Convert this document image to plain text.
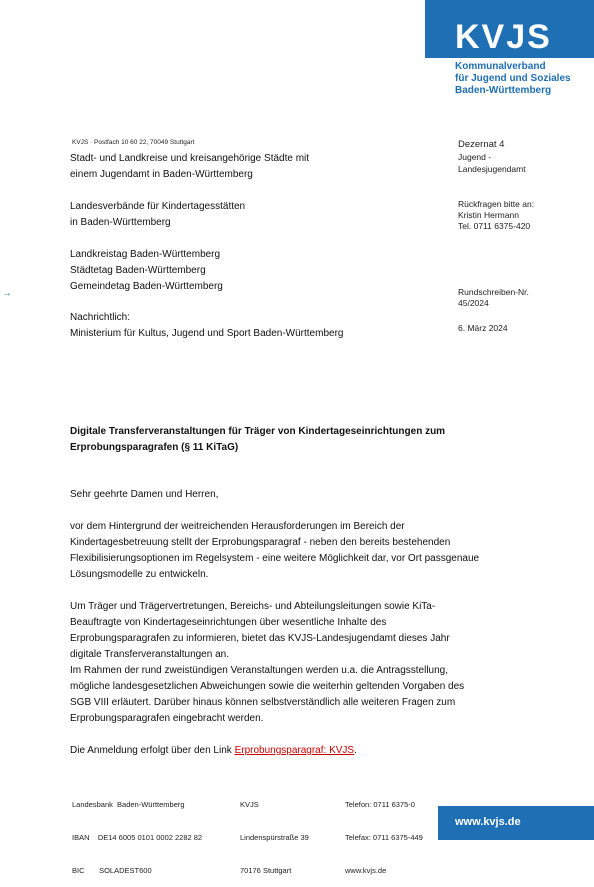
KVJS
Kommunalverband
für Jugend und Soziales
Baden-Württemberg
KVJS · Postfach 10 60 22, 70049 Stuttgart
Stadt- und Landkreise und kreisangehörige Städte mit
einem Jugendamt in Baden-Württemberg
Landesverbände für Kindertagesstätten
in Baden-Württemberg
Landkreistag Baden-Württemberg
Städtetag Baden-Württemberg
Gemeindetag Baden-Württemberg
Nachrichtlich:
Ministerium für Kultus, Jugend und Sport Baden-Württemberg
Dezernat 4
Jugend -
Landesjugendamt
Rückfragen bitte an:
Kristin Hermann
Tel. 0711 6375-420
Rundschreiben-Nr.
45/2024
6. März 2024
→
Digitale Transferveranstaltungen für Träger von Kindertageseinrichtungen zum Erprobungsparagrafen (§ 11 KiTaG)
Sehr geehrte Damen und Herren,

vor dem Hintergrund der weitreichenden Herausforderungen im Bereich der

Kindertagesbetreuung stellt der Erprobungsparagraf - neben den bereits bestehenden

Flexibilisierungsoptionen im Regelsystem - eine weitere Möglichkeit dar, vor Ort passgenaue

Lösungsmodelle zu entwickeln.

Um Träger und Trägervertretungen, Bereichs- und Abteilungsleitungen sowie KiTa-

Beauftragte von Kindertageseinrichtungen über wesentliche Inhalte des

Erprobungsparagrafen zu informieren, bietet das KVJS-Landesjugendamt dieses Jahr

digitale Transferveranstaltungen an.

Im Rahmen der rund zweistündigen Veranstaltungen werden u.a. die Antragsstellung,

mögliche landesgesetzlichen Abweichungen sowie die weiterhin geltenden Vorgaben des

SGB VIII erläutert. Darüber hinaus können selbstverständlich alle weiteren Fragen zum

Erprobungsparagrafen eingebracht werden.

Die Anmeldung erfolgt über den Link Erprobungsparagraf: KVJS.

Landesbank  Baden-Württemberg

IBAN    DE14 6005 0101 0002 2282 82

BIC       SOLADEST600

KVJS

Lindenspürstraße 39

70176 Stuttgart

Telefon: 0711 6375-0

Telefax: 0711 6375-449

www.kvjs.de

www.kvjs.de
